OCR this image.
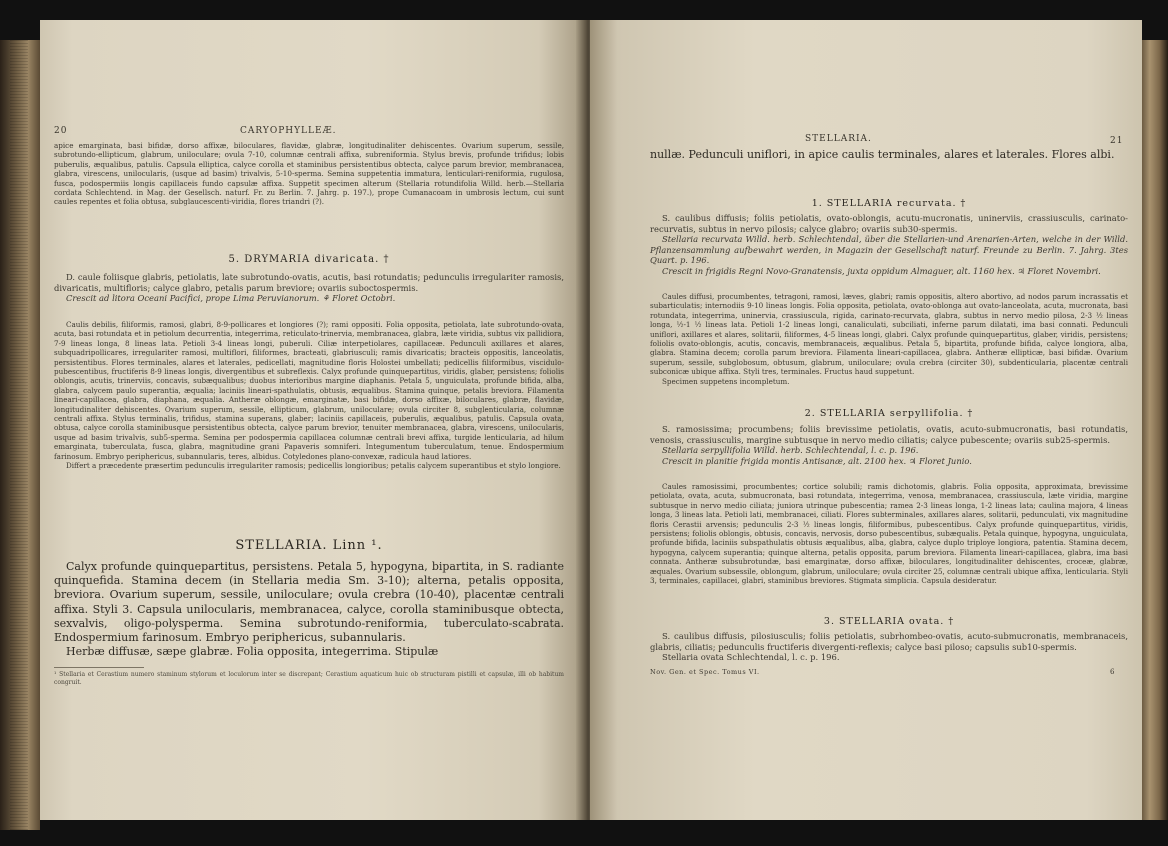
20	CARYOPHYLLEÆ.

apice emarginata, basi bifidæ, dorso affixæ, biloculares, flavidæ, glabræ, longitudinaliter dehiscentes. Ovarium superum, sessile, subrotundo-ellipticum, glabrum, uniloculare; ovula 7-10, columnæ centrali affixa, subreniformia. Stylus brevis, profunde trifidus; lobis puberulis, æqualibus, patulis. Capsula elliptica, calyce corolla et staminibus persistentibus obtecta, calyce parum brevior, membranacea, glabra, virescens, unilocularis, (usque ad basim) trivalvis, 5-10-sperma. Semina suppetentia immatura, lenticulari-reniformia, rugulosa, fusca, podospermiis longis capillaceis fundo capsulæ affixa. Suppetit specimen alterum (Stellaria rotundifolia Willd. herb.—Stellaria cordata Schlechtend. in Mag. der Gesellsch. naturf. Fr. zu Berlin. 7. Jahrg. p. 197.), prope Cumanacoam in umbrosis lectum, cui sunt caules repentes et folia obtusa, subglaucescenti-viridia, flores triandri (?).

5. DRYMARIA divaricata. †

D. caule foliisque glabris, petiolatis, late subrotundo-ovatis, acutis, basi rotundatis; pedunculis irregulariter ramosis, divaricatis, multifloris; calyce glabro, petalis parum breviore; ovariis suboctospermis.

Crescit ad litora Oceani Pacifici, prope Lima Peruvianorum. ⚘ Floret Octobri.

Caulis debilis, filiformis, ramosi, glabri, 8-9-pollicares et longiores (?); rami oppositi. Folia opposita, petiolata, late subrotundo-ovata, acuta, basi rotundata et in petiolum decurrentia, integerrima, reticulato-trinervia, membranacea, glabra, læte viridia, subtus vix pallidiora, 7-9 lineas longa, 8 lineas lata. Petioli 3-4 lineas longi, puberuli. Ciliæ interpetiolares, capillaceæ. Pedunculi axillares et alares, subquadripollicares, irregulariter ramosi, multiflori, filiformes, bracteati, glabriusculi; ramis divaricatis; bracteis oppositis, lanceolatis, persistentibus. Flores terminales, alares et laterales, pedicellati, magnitudine floris Holostei umbellati; pedicellis filiformibus, viscidulo-pubescentibus, fructiferis 8-9 lineas longis, divergentibus et subreflexis. Calyx profunde quinquepartitus, viridis, glaber, persistens; foliolis oblongis, acutis, trinerviis, concavis, subæqualibus; duobus interioribus margine diaphanis. Petala 5, unguiculata, profunde bifida, alba, glabra, calycem paulo superantia, æqualia; laciniis lineari-spathulatis, obtusis, æqualibus. Stamina quinque, petalis breviora. Filamenta lineari-capillacea, glabra, diaphana, æqualia. Antheræ oblongæ, emarginatæ, basi bifidæ, dorso affixæ, biloculares, glabræ, flavidæ, longitudinaliter dehiscentes. Ovarium superum, sessile, ellipticum, glabrum, uniloculare; ovula circiter 8, subglenticularia, columnæ centrali affixa. Stylus terminalis, trifidus, stamina superans, glaber; laciniis capillaceis, puberulis, æqualibus, patulis. Capsula ovata, obtusa, calyce corolla staminibusque persistentibus obtecta, calyce parum brevior, tenuiter membranacea, glabra, virescens, unilocularis, usque ad basim trivalvis, sub5-sperma. Semina per podospermia capillacea columnæ centrali brevi affixa, turgide lenticularia, ad hilum emarginata, tuberculata, fusca, glabra, magnitudine grani Papaveris somniferi. Integumentum tuberculatum, tenue. Endospermium farinosum. Embryo periphericus, subannularis, teres, albidus. Cotyledones plano-convexæ, radicula haud latiores.

Differt a præcedente præsertim pedunculis irregulariter ramosis; pedicellis longioribus; petalis calycem superantibus et stylo longiore.

STELLARIA. Linn ¹.

Calyx profunde quinquepartitus, persistens. Petala 5, hypogyna, bipartita, in S. radiante quinquefida. Stamina decem (in Stellaria media Sm. 3-10); alterna, petalis opposita, breviora. Ovarium superum, sessile, uniloculare; ovula crebra (10-40), placentæ centrali affixa. Styli 3. Capsula unilocularis, membranacea, calyce, corolla staminibusque obtecta, sexvalvis, oligo-polysperma. Semina subrotundo-reniformia, tuberculato-scabrata. Endospermium farinosum. Embryo periphericus, subannularis.

Herbæ diffusæ, sæpe glabræ. Folia opposita, integerrima. Stipulæ

¹ Stellaria et Cerastium numero staminum stylorum et loculorum inter se discrepant; Cerastium aquaticum huic ob structuram pistilli et capsulæ, illi ob habitum congruit.
STELLARIA.	21

nullæ. Pedunculi uniflori, in apice caulis terminales, alares et laterales. Flores albi.

1. STELLARIA recurvata. †

S. caulibus diffusis; foliis petiolatis, ovato-oblongis, acutu-mucronatis, uninerviis, crassiusculis, carinato-recurvatis, subtus in nervo pilosis; calyce glabro; ovariis sub30-spermis.

Stellaria recurvata Willd. herb. Schlechtendal, über die Stellarien-und Arenarien-Arten, welche in der Willd. Pflanzensammlung aufbewahrt werden, in Magazin der Gesellschaft naturf. Freunde zu Berlin. 7. Jahrg. 3tes Quart. p. 196.

Crescit in frigidis Regni Novo-Granatensis, juxta oppidum Almaguer, alt. 1160 hex. ♃ Floret Novembri.

Caules diffusi, procumbentes, tetragoni, ramosi, læves, glabri; ramis oppositis, altero abortivo, ad nodos parum incrassatis et subarticulatis; internodiis 9-10 lineas longis. Folia opposita, petiolata, ovato-oblonga aut ovato-lanceolata, acuta, mucronata, basi rotundata, integerrima, uninervia, crassiuscula, rigida, carinato-recurvata, glabra, subtus in nervo medio pilosa, 2-3 ½ lineas longa, ½-1 ½ lineas lata. Petioli 1-2 lineas longi, canaliculati, subciliati, inferne parum dilatati, ima basi connati. Pedunculi uniflori, axillares et alares, solitarii, filiformes, 4-5 lineas longi, glabri. Calyx profunde quinquepartitus, glaber, viridis, persistens; foliolis ovato-oblongis, acutis, concavis, membranaceis, æqualibus. Petala 5, bipartita, profunde bifida, calyce longiora, alba, glabra. Stamina decem; corolla parum breviora. Filamenta lineari-capillacea, glabra. Antheræ ellipticæ, basi bifidæ. Ovarium superum, sessile, subglobosum, obtusum, glabrum, uniloculare; ovula crebra (circiter 30), subdenticularia, placentæ centrali subconicæ ubique affixa. Styli tres, terminales. Fructus haud suppetunt.

Specimen suppetens incompletum.

2. STELLARIA serpyllifolia. †

S. ramosissima; procumbens; foliis brevissime petiolatis, ovatis, acuto-submucronatis, basi rotundatis, venosis, crassiusculis, margine subtusque in nervo medio ciliatis; calyce pubescente; ovariis sub25-spermis.

Stellaria serpyllifolia Willd. herb. Schlechtendal, l. c. p. 196.

Crescit in planitie frigida montis Antisanæ, alt. 2100 hex. ♃ Floret Junio.

Caules ramosissimi, procumbentes; cortice solubili; ramis dichotomis, glabris. Folia opposita, approximata, brevissime petiolata, ovata, acuta, submucronata, basi rotundata, integerrima, venosa, membranacea, crassiuscula, læte viridia, margine subtusque in nervo medio ciliata; juniora utrinque pubescentia; ramea 2-3 lineas longa, 1-2 lineas lata; caulina majora, 4 lineas longa, 3 lineas lata. Petioli lati, membranacei, ciliati. Flores subterminales, axillares alares, solitarii, pedunculati, vix magnitudine floris Cerastii arvensis; pedunculis 2-3 ½ lineas longis, filiformibus, pubescentibus. Calyx profunde quinquepartitus, viridis, persistens; foliolis oblongis, obtusis, concavis, nervosis, dorso pubescentibus, subæqualis. Petala quinque, hypogyna, unguiculata, profunde bifida, laciniis subspathulatis obtusis æqualibus, alba, glabra, calyce duplo triploye longiora, patentia. Stamina decem, hypogyna, calycem superantia; quinque alterna, petalis opposita, parum breviora. Filamenta lineari-capillacea, glabra, ima basi connata. Antheræ subsubrotundæ, basi emarginatæ, dorso affixæ, biloculares, longitudinaliter dehiscentes, croceæ, glabræ, æquales. Ovarium subsessile, oblongum, glabrum, uniloculare; ovula circiter 25, columnæ centrali ubique affixa, lenticularia. Styli 3, terminales, capillacei, glabri, staminibus breviores. Stigmata simplicia. Capsula desideratur.

3. STELLARIA ovata. †

S. caulibus diffusis, pilosiusculis; foliis petiolatis, subrhombeo-ovatis, acuto-submucronatis, membranaceis, glabris, ciliatis; pedunculis fructiferis divergenti-reflexis; calyce basi piloso; capsulis sub10-spermis.

Stellaria ovata Schlechtendal, l. c. p. 196.

Nov. Gen. et Spec. Tomus VI.	6
